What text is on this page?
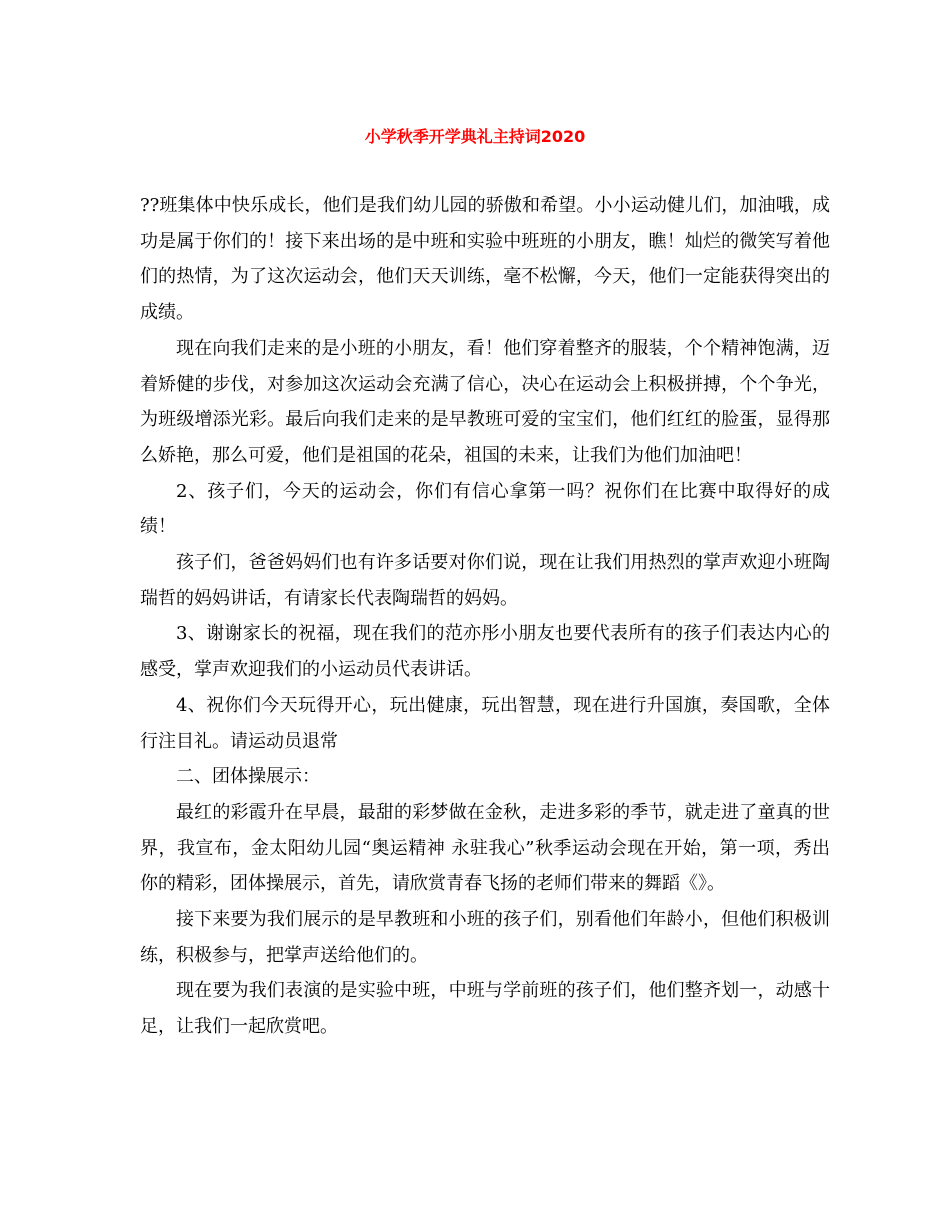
小学秋季开学典礼主持词2020

??班集体中快乐成长，他们是我们幼儿园的骄傲和希望。小小运动健儿们，加油哦，成功是属于你们的！接下来出场的是中班和实验中班班的小朋友，瞧！灿烂的微笑写着他们的热情，为了这次运动会，他们天天训练，毫不松懈，今天，他们一定能获得突出的成绩。

现在向我们走来的是小班的小朋友，看！他们穿着整齐的服装，个个精神饱满，迈着矫健的步伐，对参加这次运动会充满了信心，决心在运动会上积极拼搏，个个争光，为班级增添光彩。最后向我们走来的是早教班可爱的宝宝们，他们红红的脸蛋，显得那么娇艳，那么可爱，他们是祖国的花朵，祖国的未来，让我们为他们加油吧！

2、孩子们，今天的运动会，你们有信心拿第一吗？祝你们在比赛中取得好的成绩！

孩子们，爸爸妈妈们也有许多话要对你们说，现在让我们用热烈的掌声欢迎小班陶瑞哲的妈妈讲话，有请家长代表陶瑞哲的妈妈。

3、谢谢家长的祝福，现在我们的范亦彤小朋友也要代表所有的孩子们表达内心的感受，掌声欢迎我们的小运动员代表讲话。

4、祝你们今天玩得开心，玩出健康，玩出智慧，现在进行升国旗，奏国歌，全体行注目礼。请运动员退常

二、团体操展示：

最红的彩霞升在早晨，最甜的彩梦做在金秋，走进多彩的季节，就走进了童真的世界，我宣布，金太阳幼儿园“奥运精神 永驻我心”秋季运动会现在开始，第一项，秀出你的精彩，团体操展示，首先，请欣赏青春飞扬的老师们带来的舞蹈《》。

接下来要为我们展示的是早教班和小班的孩子们，别看他们年龄小，但他们积极训练，积极参与，把掌声送给他们的。

现在要为我们表演的是实验中班，中班与学前班的孩子们，他们整齐划一，动感十足，让我们一起欣赏吧。
